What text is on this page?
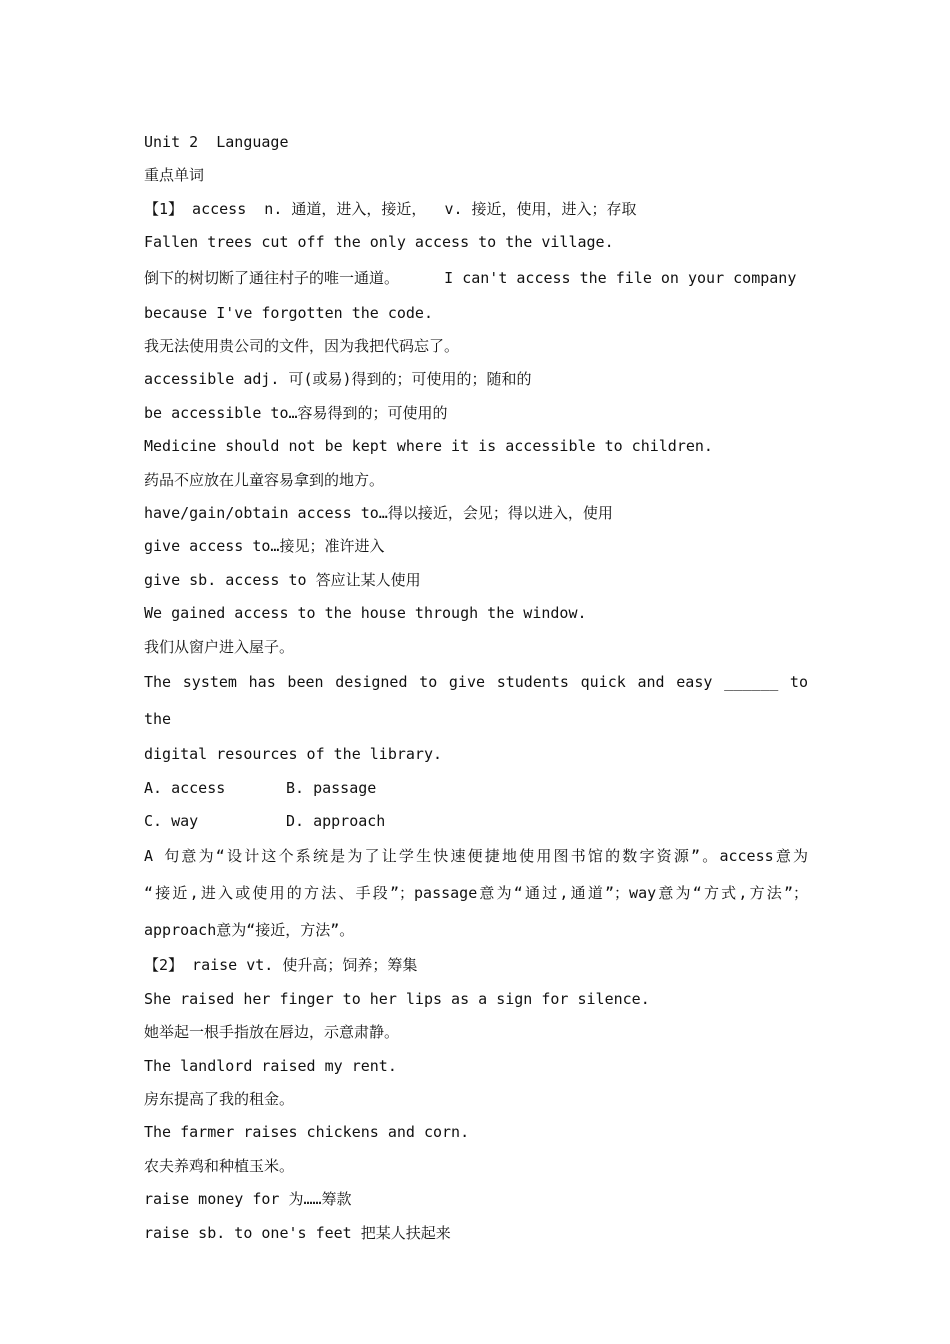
Unit 2  Language
重点单词
【1】 access  n. 通道，进入，接近，  v. 接近，使用，进入；存取
Fallen trees cut off the only access to the village.
倒下的树切断了通往村子的唯一通道。     I can't access the file on your company
because I've forgotten the code.
我无法使用贵公司的文件，因为我把代码忘了。
accessible adj. 可(或易)得到的；可使用的；随和的
be accessible to…容易得到的；可使用的
Medicine should not be kept where it is accessible to children.
药品不应放在儿童容易拿到的地方。
have/gain/obtain access to…得以接近，会见；得以进入，使用
give access to…接见；准许进入
give sb. access to 答应让某人使用
We gained access to the house through the window.
我们从窗户进入屋子。
The system has been designed to give students quick and easy ______ to the
digital resources of the library.
A. access	B. passage
C. way	D. approach
A 句意为“设计这个系统是为了让学生快速便捷地使用图书馆的数字资源”。access意为
“接近,进入或使用的方法、手段”；passage意为“通过,通道”；way意为“方式,方法”；
approach意为“接近，方法”。
【2】 raise vt. 使升高；饲养；筹集
She raised her finger to her lips as a sign for silence.
她举起一根手指放在唇边，示意肃静。
The landlord raised my rent.
房东提高了我的租金。
The farmer raises chickens and corn.
农夫养鸡和种植玉米。
raise money for 为……筹款
raise sb. to one's feet 把某人扶起来
